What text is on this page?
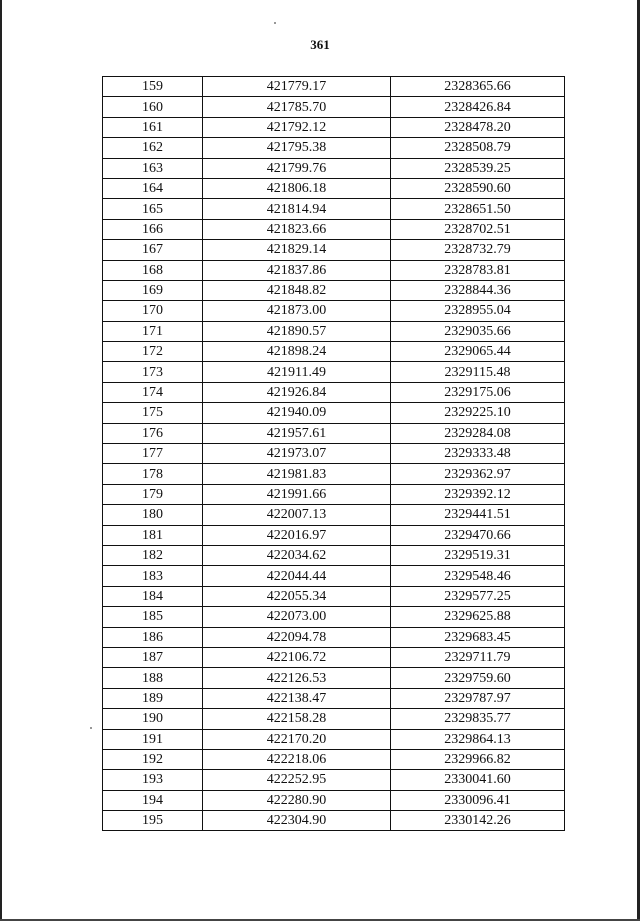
361
159	421779.17	2328365.66
160	421785.70	2328426.84
161	421792.12	2328478.20
162	421795.38	2328508.79
163	421799.76	2328539.25
164	421806.18	2328590.60
165	421814.94	2328651.50
166	421823.66	2328702.51
167	421829.14	2328732.79
168	421837.86	2328783.81
169	421848.82	2328844.36
170	421873.00	2328955.04
171	421890.57	2329035.66
172	421898.24	2329065.44
173	421911.49	2329115.48
174	421926.84	2329175.06
175	421940.09	2329225.10
176	421957.61	2329284.08
177	421973.07	2329333.48
178	421981.83	2329362.97
179	421991.66	2329392.12
180	422007.13	2329441.51
181	422016.97	2329470.66
182	422034.62	2329519.31
183	422044.44	2329548.46
184	422055.34	2329577.25
185	422073.00	2329625.88
186	422094.78	2329683.45
187	422106.72	2329711.79
188	422126.53	2329759.60
189	422138.47	2329787.97
190	422158.28	2329835.77
191	422170.20	2329864.13
192	422218.06	2329966.82
193	422252.95	2330041.60
194	422280.90	2330096.41
195	422304.90	2330142.26
